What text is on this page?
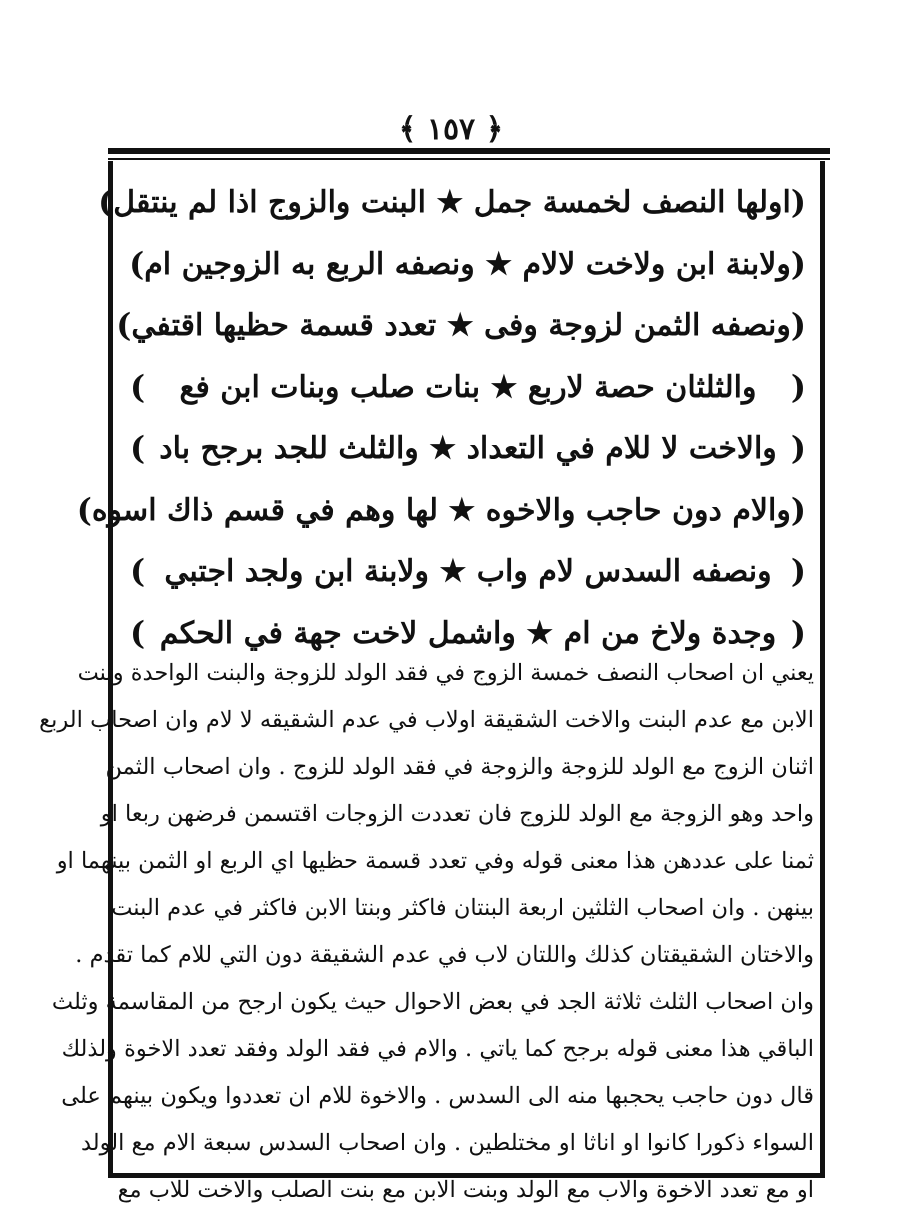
﴿ ١٥٧ ﴾
(
اولها النصف لخمسة جمل ★ البنت والزوج اذا لم ينتقل
)
(
ولابنة ابن ولاخت لالام ★ ونصفه الربع به الزوجين ام
)
(
ونصفه الثمن لزوجة وفى ★ تعدد قسمة حظيها اقتفي
)
(
والثلثان حصة لاربع ★ بنات صلب وبنات ابن فع
)
(
والاخت لا للام في التعداد ★ والثلث للجد برجح باد
)
(
والام دون حاجب والاخوه ★ لها وهم في قسم ذاك اسوه
)
(
ونصفه السدس لام واب ★ ولابنة ابن ولجد اجتبي
)
(
وجدة ولاخ من ام ★ واشمل لاخت جهة في الحكم
)
يعني ان اصحاب النصف خمسة الزوج في فقد الولد للزوجة والبنت الواحدة وبنت
الابن مع عدم البنت والاخت الشقيقة اولاب في عدم الشقيقه لا لام وان اصحاب الربع
اثنان الزوج مع الولد للزوجة والزوجة في فقد الولد للزوج . وان اصحاب الثمن
واحد وهو الزوجة مع الولد للزوج فان تعددت الزوجات اقتسمن فرضهن ربعا او
ثمنا على عددهن هذا معنى قوله وفي تعدد قسمة حظيها اي الربع او الثمن بينهما او
بينهن . وان اصحاب الثلثين اربعة البنتان فاكثر وبنتا الابن فاكثر في عدم البنت
والاختان الشقيقتان كذلك واللتان لاب في عدم الشقيقة دون التي للام كما تقدم .
وان اصحاب الثلث ثلاثة الجد في بعض الاحوال حيث يكون ارجح من المقاسمة وثلث
الباقي هذا معنى قوله برجح كما ياتي . والام في فقد الولد وفقد تعدد الاخوة ولذلك
قال دون حاجب يحجبها منه الى السدس . والاخوة للام ان تعددوا ويكون بينهم على
السواء ذكورا كانوا او اناثا او مختلطين . وان اصحاب السدس سبعة الام مع الولد
او مع تعدد الاخوة والاب مع الولد وبنت الابن مع بنت الصلب والاخت للاب مع
